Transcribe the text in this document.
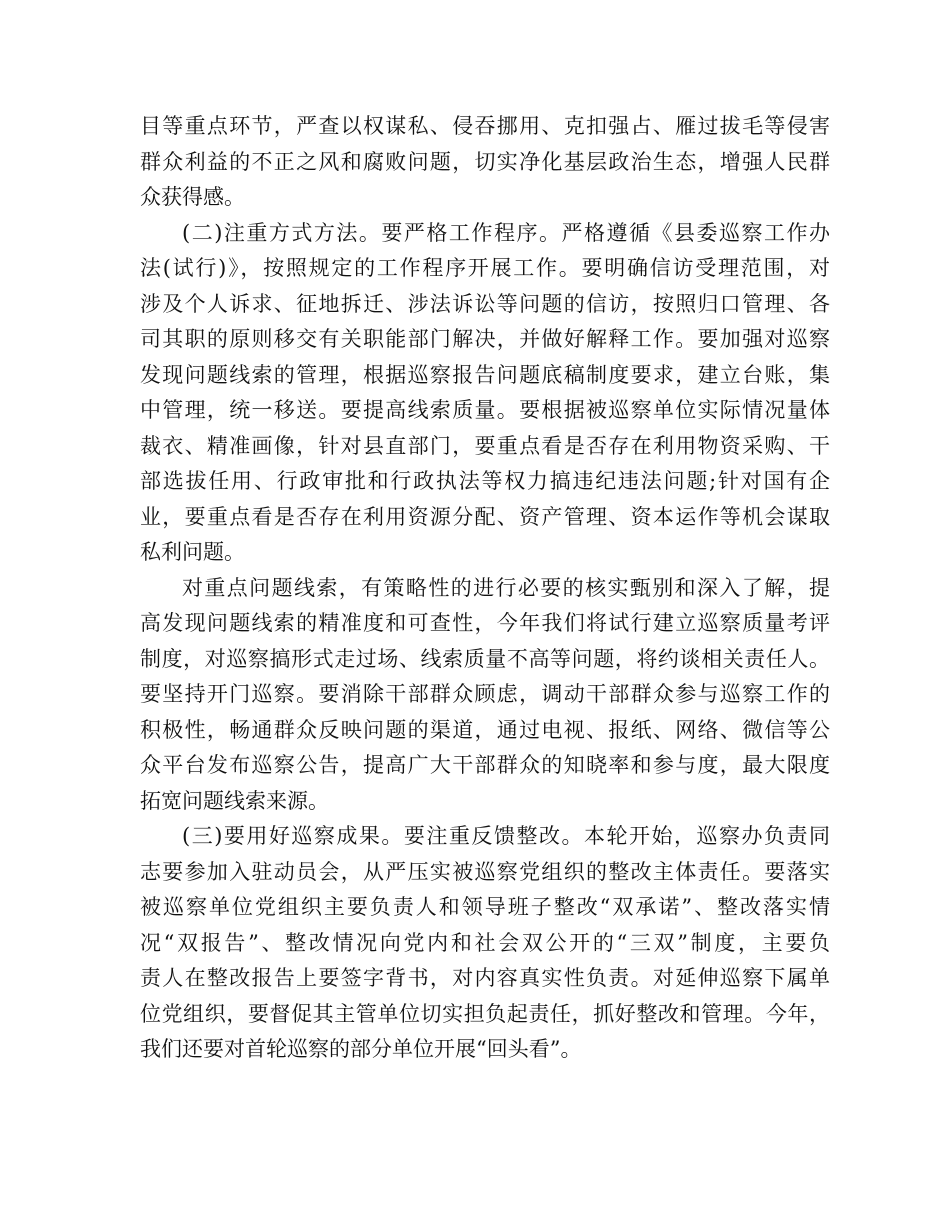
目等重点环节，严查以权谋私、侵吞挪用、克扣强占、雁过拔毛等侵害
群众利益的不正之风和腐败问题，切实净化基层政治生态，增强人民群
众获得感。
(二)注重方式方法。要严格工作程序。严格遵循《县委巡察工作办
法(试行)》，按照规定的工作程序开展工作。要明确信访受理范围，对
涉及个人诉求、征地拆迁、涉法诉讼等问题的信访，按照归口管理、各
司其职的原则移交有关职能部门解决，并做好解释工作。要加强对巡察
发现问题线索的管理，根据巡察报告问题底稿制度要求，建立台账，集
中管理，统一移送。要提高线索质量。要根据被巡察单位实际情况量体
裁衣、精准画像，针对县直部门，要重点看是否存在利用物资采购、干
部选拔任用、行政审批和行政执法等权力搞违纪违法问题;针对国有企
业，要重点看是否存在利用资源分配、资产管理、资本运作等机会谋取
私利问题。
对重点问题线索，有策略性的进行必要的核实甄别和深入了解，提
高发现问题线索的精准度和可查性，今年我们将试行建立巡察质量考评
制度，对巡察搞形式走过场、线索质量不高等问题，将约谈相关责任人。
要坚持开门巡察。要消除干部群众顾虑，调动干部群众参与巡察工作的
积极性，畅通群众反映问题的渠道，通过电视、报纸、网络、微信等公
众平台发布巡察公告，提高广大干部群众的知晓率和参与度，最大限度
拓宽问题线索来源。
(三)要用好巡察成果。要注重反馈整改。本轮开始，巡察办负责同
志要参加入驻动员会，从严压实被巡察党组织的整改主体责任。要落实
被巡察单位党组织主要负责人和领导班子整改“双承诺”、整改落实情
况“双报告”、整改情况向党内和社会双公开的“三双”制度，主要负
责人在整改报告上要签字背书，对内容真实性负责。对延伸巡察下属单
位党组织，要督促其主管单位切实担负起责任，抓好整改和管理。今年，
我们还要对首轮巡察的部分单位开展“回头看”。
